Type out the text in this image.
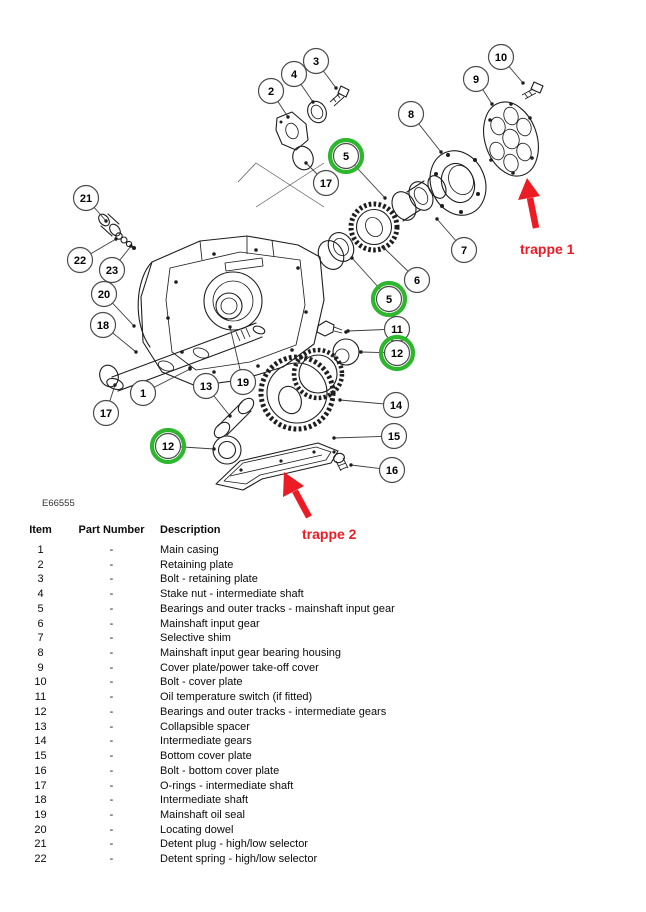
1
2
3
4
5
5
6
7
8
9
10
11
12
12
13
14
15
16
17
17
18
19
20
21
22
23
trappe 1
trappe 2
E66555
Item	Part Number	Description
1	-	Main casing
2	-	Retaining plate
3	-	Bolt - retaining plate
4	-	Stake nut - intermediate shaft
5	-	Bearings and outer tracks - mainshaft input gear
6	-	Mainshaft input gear
7	-	Selective shim
8	-	Mainshaft input gear bearing housing
9	-	Cover plate/power take-off cover
10	-	Bolt - cover plate
11	-	Oil temperature switch (if fitted)
12	-	Bearings and outer tracks - intermediate gears
13	-	Collapsible spacer
14	-	Intermediate gears
15	-	Bottom cover plate
16	-	Bolt - bottom cover plate
17	-	O-rings - intermediate shaft
18	-	Intermediate shaft
19	-	Mainshaft oil seal
20	-	Locating dowel
21	-	Detent plug - high/low selector
22	-	Detent spring - high/low selector
